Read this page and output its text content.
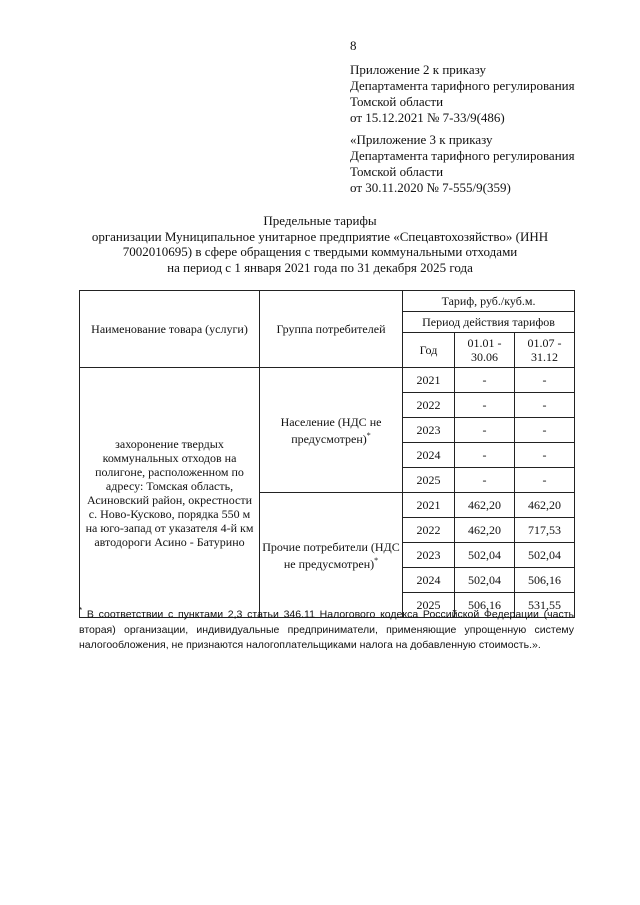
8
Приложение 2 к приказу
Департамента тарифного регулирования
Томской области
от 15.12.2021 № 7-33/9(486)
«Приложение 3 к приказу
Департамента тарифного регулирования
Томской области
от 30.11.2020 № 7-555/9(359)
Предельные тарифы
организации Муниципальное унитарное предприятие «Спецавтохозяйство» (ИНН
7002010695) в сфере обращения с твердыми коммунальными отходами
на период с 1 января 2021 года по 31 декабря 2025 года
Наименование товара (услуги)	Группа потребителей	Тариф, руб./куб.м.		
		Период действия тарифов		
		Год	01.01 - 30.06	01.07 - 31.12
захоронение твердых коммунальных отходов на полигоне, расположенном по адресу: Томская область, Асиновский район, окрестности с. Ново-Кусково, порядка 550 м на юго-запад от указателя 4-й км автодороги Асино - Батурино	Население (НДС не предусмотрен)*	2021	-	-
		2022	-	-
		2023	-	-
		2024	-	-
		2025	-	-
	Прочие потребители (НДС не предусмотрен)*	2021	462,20	462,20
		2022	462,20	717,53
		2023	502,04	502,04
		2024	502,04	506,16
		2025	506,16	531,55
* В соответствии с пунктами 2,3 статьи 346.11 Налогового кодекса Российской Федерации (часть вторая) организации, индивидуальные предприниматели, применяющие упрощенную систему налогообложения, не признаются налогоплательщиками налога на добавленную стоимость.».
